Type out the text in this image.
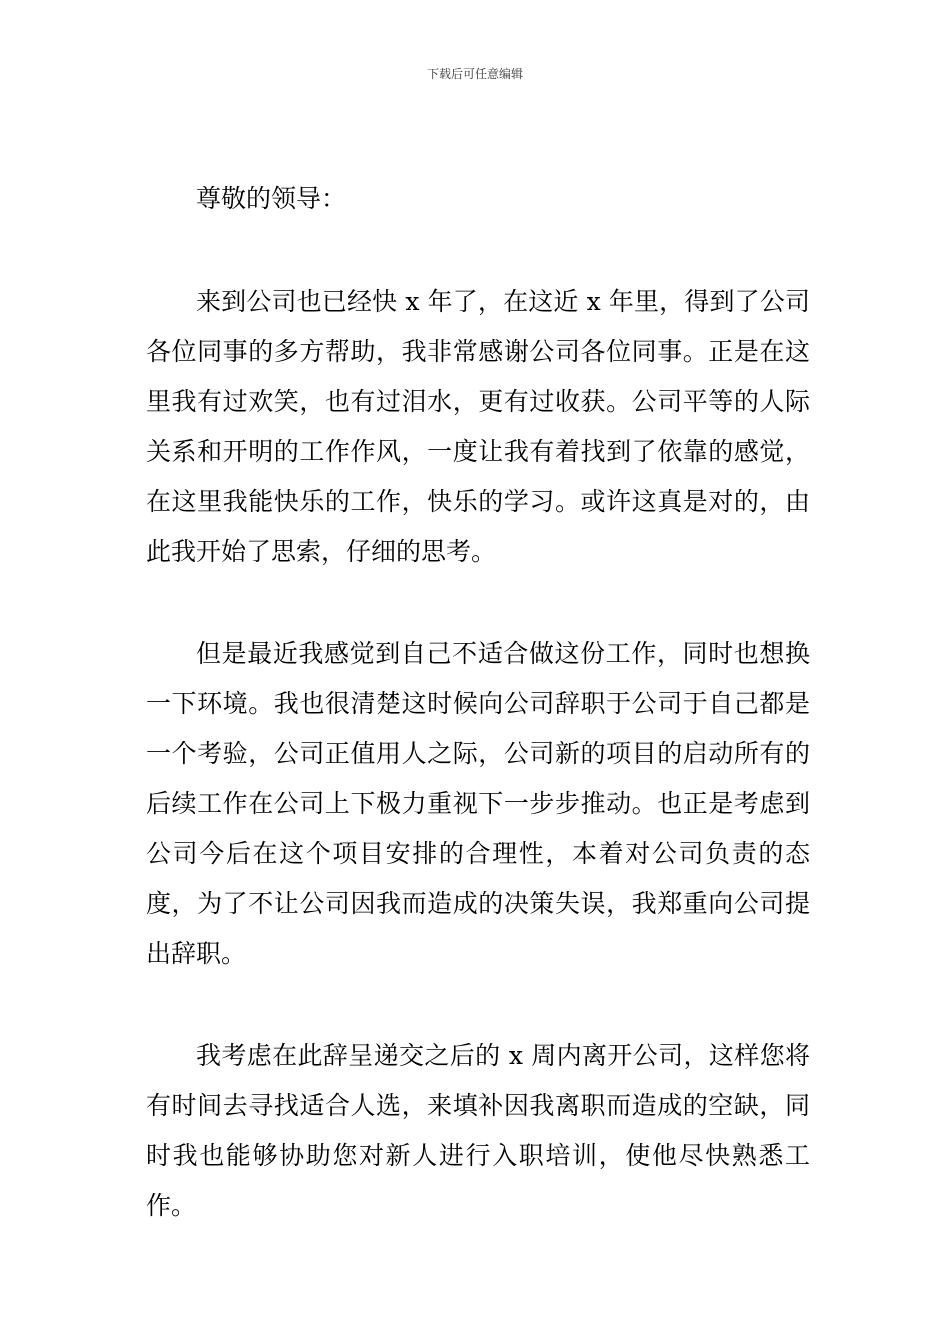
下载后可任意编辑

尊敬的领导：

来到公司也已经快 x 年了，在这近 x 年里，得到了公司各位同事的多方帮助，我非常感谢公司各位同事。正是在这里我有过欢笑，也有过泪水，更有过收获。公司平等的人际关系和开明的工作作风，一度让我有着找到了依靠的感觉，在这里我能快乐的工作，快乐的学习。或许这真是对的，由此我开始了思索，仔细的思考。

但是最近我感觉到自己不适合做这份工作，同时也想换一下环境。我也很清楚这时候向公司辞职于公司于自己都是一个考验，公司正值用人之际，公司新的项目的启动所有的后续工作在公司上下极力重视下一步步推动。也正是考虑到公司今后在这个项目安排的合理性，本着对公司负责的态度，为了不让公司因我而造成的决策失误，我郑重向公司提出辞职。

我考虑在此辞呈递交之后的 x 周内离开公司，这样您将有时间去寻找适合人选，来填补因我离职而造成的空缺，同时我也能够协助您对新人进行入职培训，使他尽快熟悉工作。
